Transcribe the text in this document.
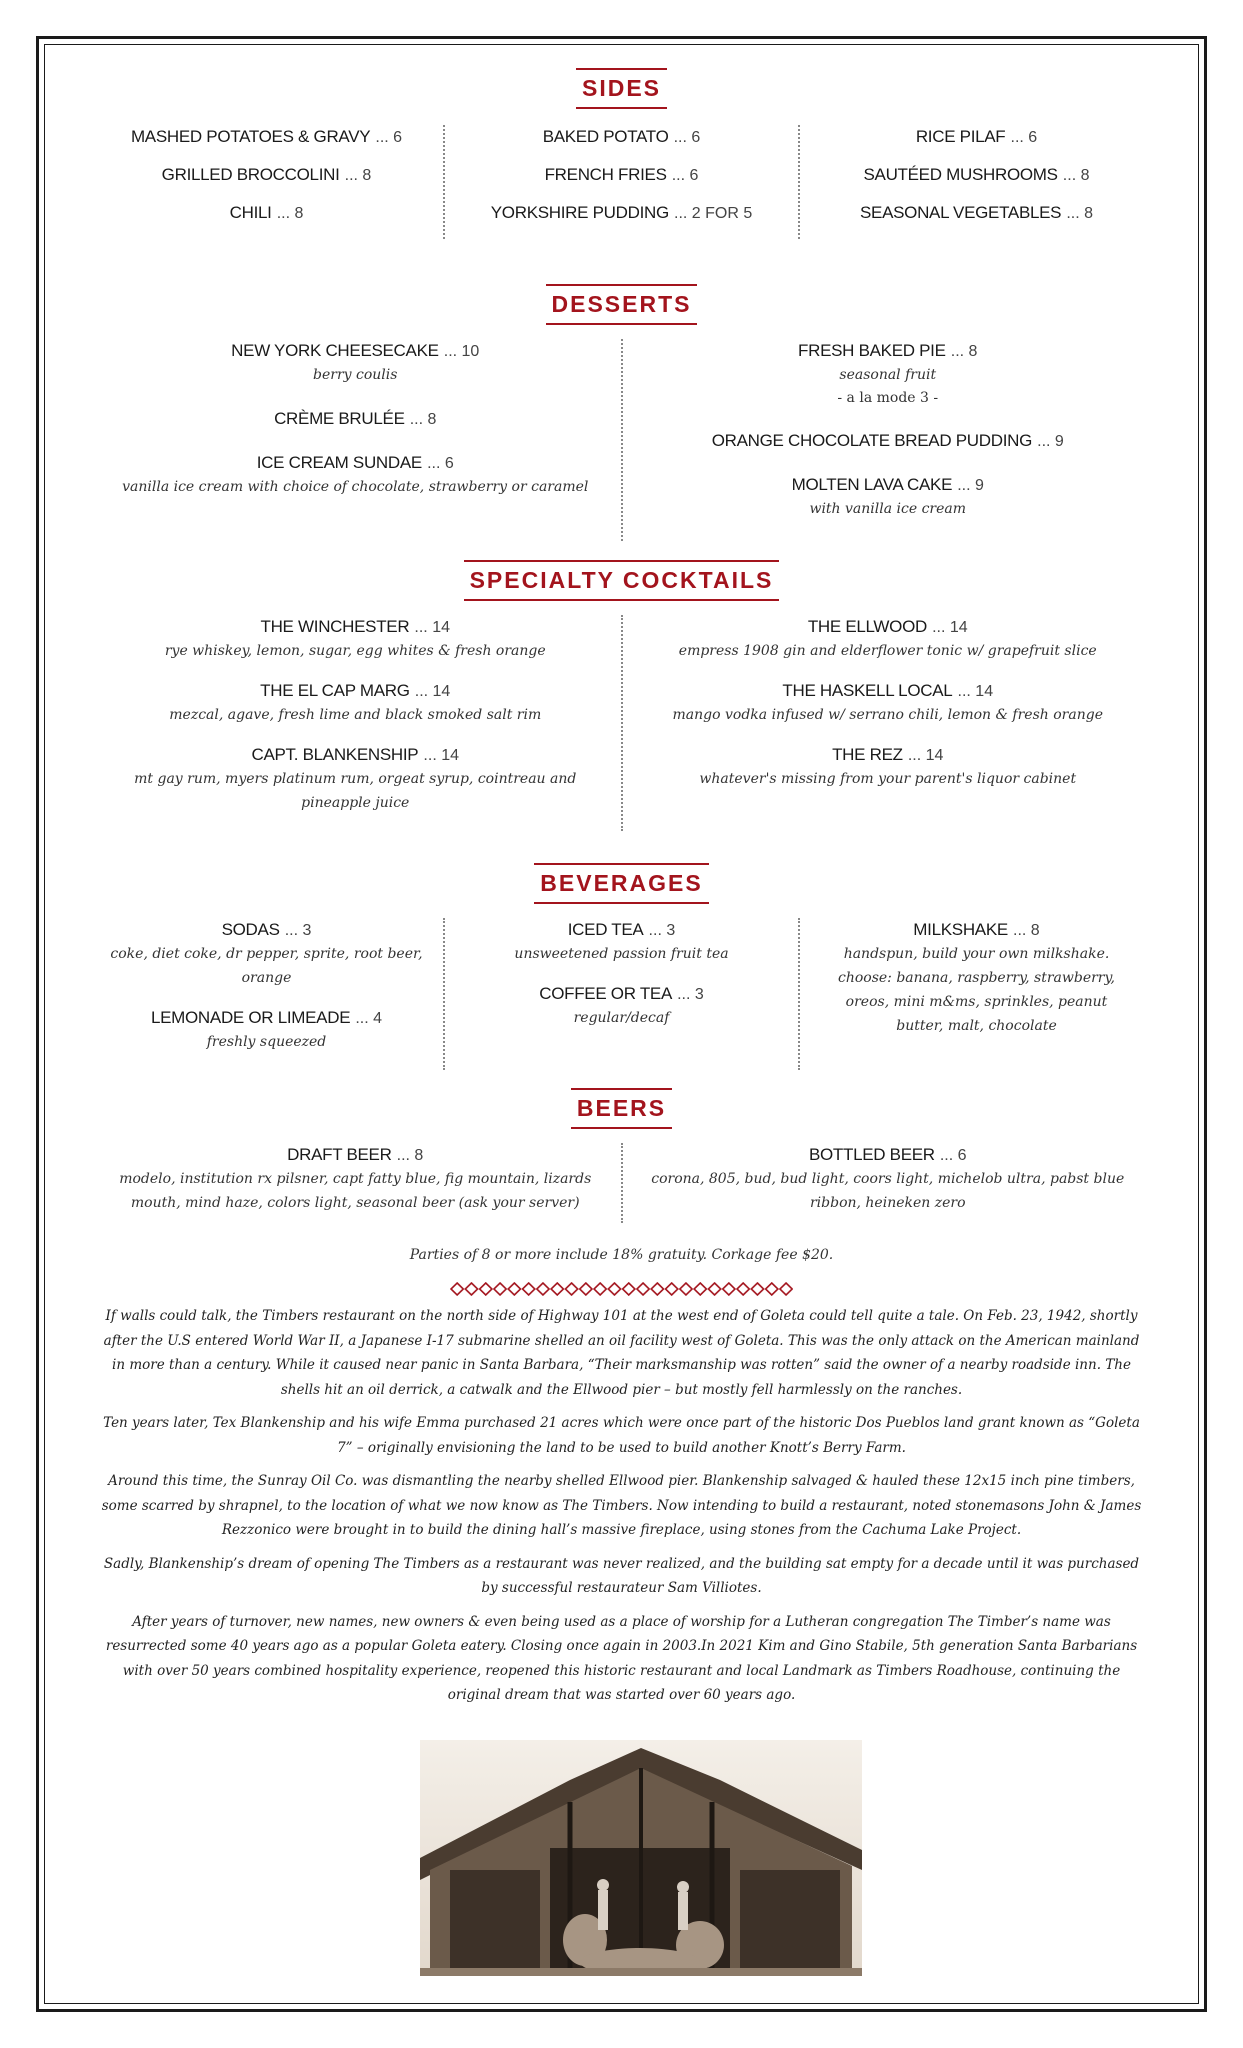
SIDES
MASHED POTATOES & GRAVY ... 6
GRILLED BROCCOLINI ... 8
CHILI ... 8
BAKED POTATO ... 6
FRENCH FRIES ... 6
YORKSHIRE PUDDING ... 2 FOR 5
RICE PILAF ... 6
SAUTÉED MUSHROOMS ... 8
SEASONAL VEGETABLES ... 8
DESSERTS
NEW YORK CHEESECAKE ... 10
berry coulis
CRÈME BRULÉE ... 8
ICE CREAM SUNDAE ... 6
vanilla ice cream with choice of chocolate, strawberry or caramel
FRESH BAKED PIE ... 8
seasonal fruit
- a la mode 3 -
ORANGE CHOCOLATE BREAD PUDDING ... 9
MOLTEN LAVA CAKE ... 9
with vanilla ice cream
SPECIALTY COCKTAILS
THE WINCHESTER ... 14
rye whiskey, lemon, sugar, egg whites & fresh orange
THE EL CAP MARG ... 14
mezcal, agave, fresh lime and black smoked salt rim
CAPT. BLANKENSHIP ... 14
mt gay rum, myers platinum rum, orgeat syrup, cointreau and pineapple juice
THE ELLWOOD ... 14
empress 1908 gin and elderflower tonic w/ grapefruit slice
THE HASKELL LOCAL ... 14
mango vodka infused w/ serrano chili, lemon & fresh orange
THE REZ ... 14
whatever's missing from your parent's liquor cabinet
BEVERAGES
SODAS ... 3
coke, diet coke, dr pepper, sprite, root beer, orange
LEMONADE OR LIMEADE ... 4
freshly squeezed
ICED TEA ... 3
unsweetened passion fruit tea
COFFEE OR TEA ... 3
regular/decaf
MILKSHAKE ... 8
handspun, build your own milkshake. choose: banana, raspberry, strawberry, oreos, mini m&ms, sprinkles, peanut butter, malt, chocolate
BEERS
DRAFT BEER ... 8
modelo, institution rx pilsner, capt fatty blue, fig mountain, lizards mouth, mind haze, colors light, seasonal beer (ask your server)
BOTTLED BEER ... 6
corona, 805, bud, bud light, coors light, michelob ultra, pabst blue ribbon, heineken zero
Parties of 8 or more include 18% gratuity. Corkage fee $20.

If walls could talk, the Timbers restaurant on the north side of Highway 101 at the west end of Goleta could tell quite a tale. On Feb. 23, 1942, shortly after the U.S entered World War II, a Japanese I-17 submarine shelled an oil facility west of Goleta. This was the only attack on the American mainland in more than a century. While it caused near panic in Santa Barbara, “Their marksmanship was rotten” said the owner of a nearby roadside inn. The shells hit an oil derrick, a catwalk and the Ellwood pier – but mostly fell harmlessly on the ranches.

Ten years later, Tex Blankenship and his wife Emma purchased 21 acres which were once part of the historic Dos Pueblos land grant known as “Goleta 7” – originally envisioning the land to be used to build another Knott’s Berry Farm.

Around this time, the Sunray Oil Co. was dismantling the nearby shelled Ellwood pier. Blankenship salvaged & hauled these 12x15 inch pine timbers, some scarred by shrapnel, to the location of what we now know as The Timbers. Now intending to build a restaurant, noted stonemasons John & James Rezzonico were brought in to build the dining hall’s massive fireplace, using stones from the Cachuma Lake Project.

Sadly, Blankenship’s dream of opening The Timbers as a restaurant was never realized, and the building sat empty for a decade until it was purchased by successful restaurateur Sam Villiotes.

After years of turnover, new names, new owners & even being used as a place of worship for a Lutheran congregation The Timber’s name was resurrected some 40 years ago as a popular Goleta eatery. Closing once again in 2003.In 2021 Kim and Gino Stabile, 5th generation Santa Barbarians with over 50 years combined hospitality experience, reopened this historic restaurant and local Landmark as Timbers Roadhouse, continuing the original dream that was started over 60 years ago.
